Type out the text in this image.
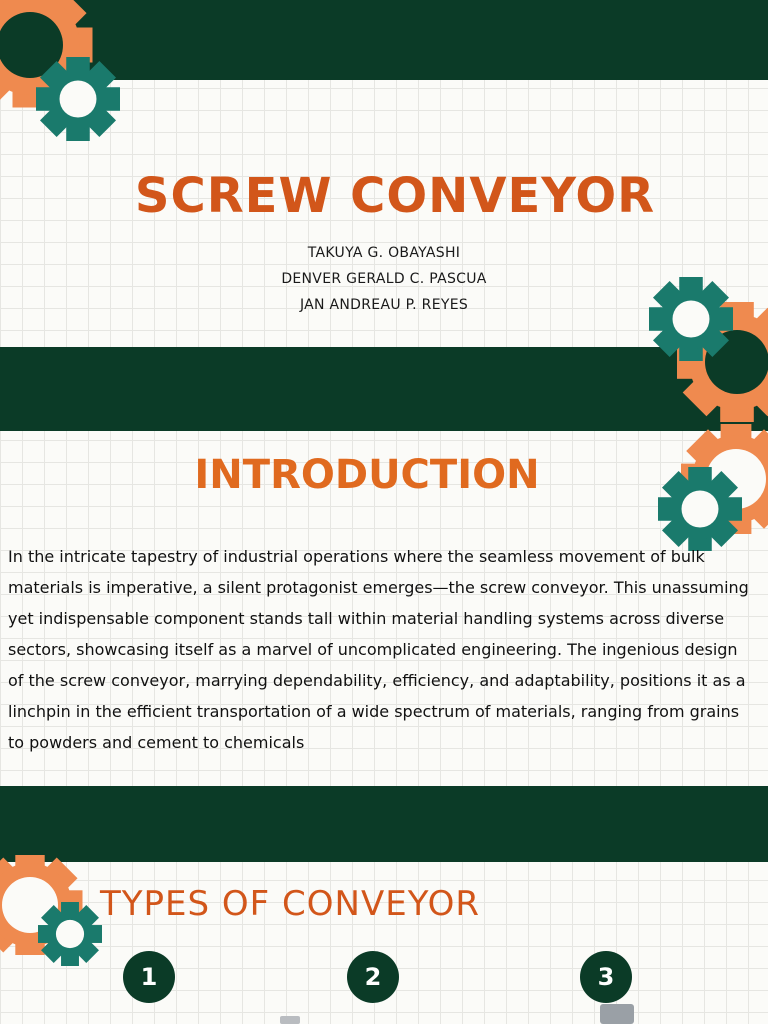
SCREW CONVEYOR
TAKUYA G. OBAYASHI
DENVER GERALD C. PASCUA
JAN ANDREAU P. REYES
INTRODUCTION
In the intricate tapestry of industrial operations where the seamless movement of bulk materials is imperative, a silent protagonist emerges—the screw conveyor. This unassuming yet indispensable component stands tall within material handling systems across diverse sectors, showcasing itself as a marvel of uncomplicated engineering. The ingenious design of the screw conveyor, marrying dependability, efficiency, and adaptability, positions it as a linchpin in the efficient transportation of a wide spectrum of materials, ranging from grains to powders and cement to chemicals
TYPES OF CONVEYOR
1	2	3
